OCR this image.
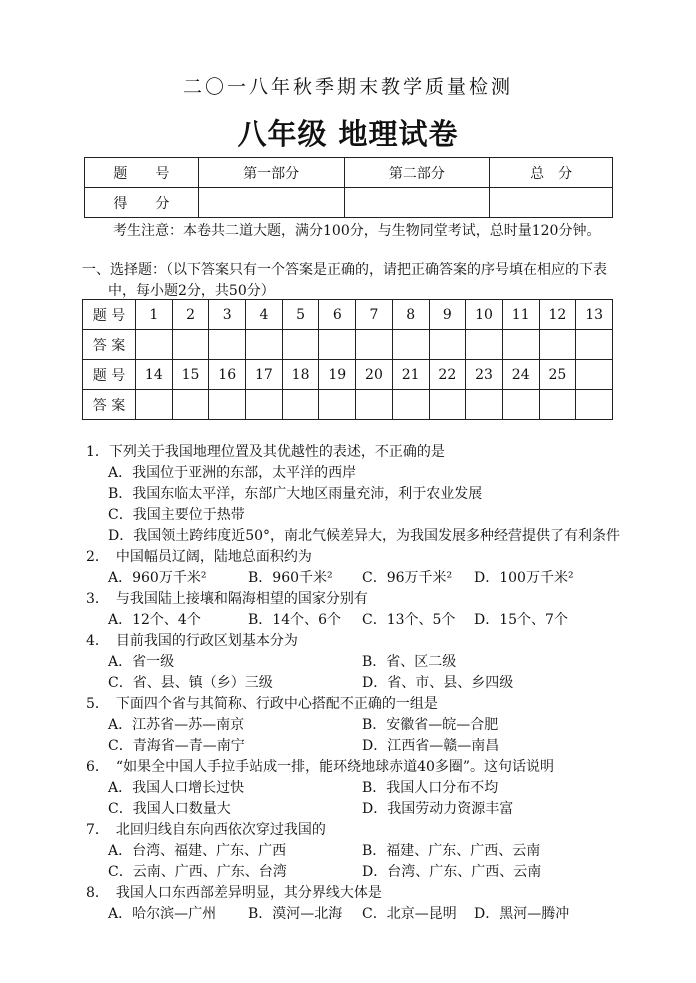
二〇一八年秋季期末教学质量检测
八年级 地理试卷
题　　号	第一部分	第二部分	总　分
得　　分			
考生注意：本卷共二道大题，满分100分，与生物同堂考试，总时量120分钟。
一、选择题：（以下答案只有一个答案是正确的，请把正确答案的序号填在相应的下表
中，每小题2分，共50分）
题 号	1	2	3	4	5	6	7	8	9	10	11	12	13
答 案													
题 号	14	15	16	17	18	19	20	21	22	23	24	25	
答 案													
1．下列关于我国地理位置及其优越性的表述，不正确的是
A．我国位于亚洲的东部，太平洋的西岸
B．我国东临太平洋，东部广大地区雨量充沛，利于农业发展
C．我国主要位于热带
D．我国领土跨纬度近50°，南北气候差异大，为我国发展多种经营提供了有利条件
2．　中国幅员辽阔，陆地总面积约为
A．960万千米²	B．960千米² C．96万千米² D．100万千米²
3．　与我国陆上接壤和隔海相望的国家分别有
A．12个、4个	B．14个、6个 C．13个、5个 D．15个、7个
4．　目前我国的行政区划基本分为
A．省一级	B．省、区二级
C．省、县、镇（乡）三级	D．省、市、县、乡四级
5．　下面四个省与其简称、行政中心搭配不正确的一组是
A．江苏省—苏—南京	B．安徽省—皖—合肥
C．青海省—青—南宁	D．江西省—赣—南昌
6．　“如果全中国人手拉手站成一排，能环绕地球赤道40多圈”。这句话说明
A．我国人口增长过快	B．我国人口分布不均
C．我国人口数量大	D．我国劳动力资源丰富
7．　北回归线自东向西依次穿过我国的
A．台湾、福建、广东、广西	B．福建、广东、广西、云南
C．云南、广西、广东、台湾	D．台湾、广东、广西、云南
8．　我国人口东西部差异明显，其分界线大体是
A．哈尔滨—广州 B．漠河—北海 C．北京—昆明 D．黑河—腾冲
